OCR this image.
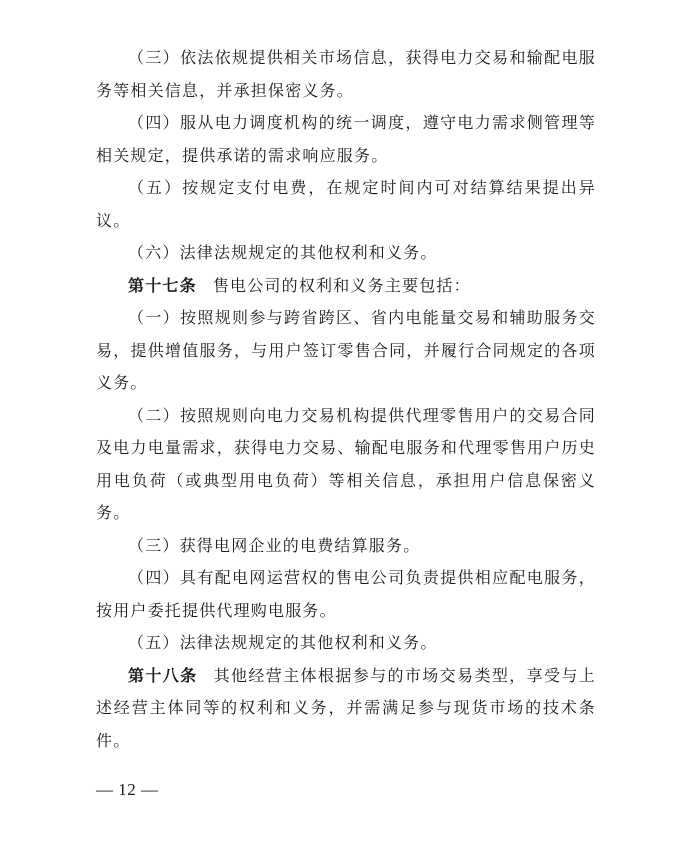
（三）依法依规提供相关市场信息，获得电力交易和输配电服务等相关信息，并承担保密义务。

（四）服从电力调度机构的统一调度，遵守电力需求侧管理等相关规定，提供承诺的需求响应服务。

（五）按规定支付电费，在规定时间内可对结算结果提出异议。

（六）法律法规规定的其他权利和义务。

第十七条 售电公司的权利和义务主要包括：

（一）按照规则参与跨省跨区、省内电能量交易和辅助服务交易，提供增值服务，与用户签订零售合同，并履行合同规定的各项义务。

（二）按照规则向电力交易机构提供代理零售用户的交易合同及电力电量需求，获得电力交易、输配电服务和代理零售用户历史用电负荷（或典型用电负荷）等相关信息，承担用户信息保密义务。

（三）获得电网企业的电费结算服务。

（四）具有配电网运营权的售电公司负责提供相应配电服务，按用户委托提供代理购电服务。

（五）法律法规规定的其他权利和义务。

第十八条 其他经营主体根据参与的市场交易类型，享受与上述经营主体同等的权利和义务，并需满足参与现货市场的技术条件。

— 12 —
